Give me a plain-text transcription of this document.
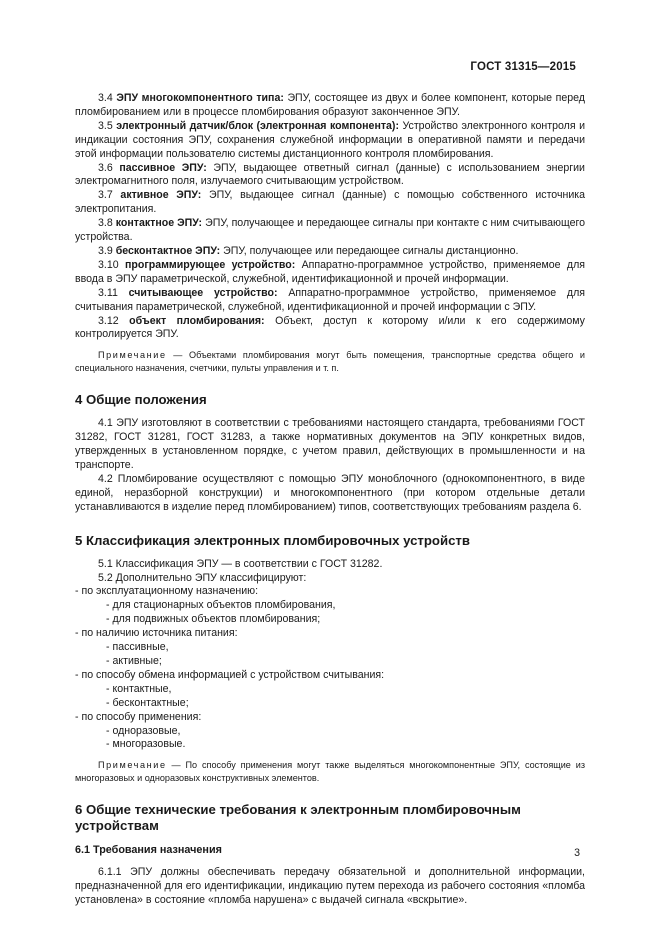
ГОСТ 31315—2015

3.4 ЭПУ многокомпонентного типа: ЭПУ, состоящее из двух и более компонент, которые перед пломбированием или в процессе пломбирования образуют законченное ЭПУ.

3.5 электронный датчик/блок (электронная компонента): Устройство электронного контроля и индикации состояния ЭПУ, сохранения служебной информации в оперативной памяти и передачи этой информации пользователю системы дистанционного контроля пломбирования.

3.6 пассивное ЭПУ: ЭПУ, выдающее ответный сигнал (данные) с использованием энергии электромагнитного поля, излучаемого считывающим устройством.

3.7 активное ЭПУ: ЭПУ, выдающее сигнал (данные) с помощью собственного источника электропитания.

3.8 контактное ЭПУ: ЭПУ, получающее и передающее сигналы при контакте с ним считывающего устройства.

3.9 бесконтактное ЭПУ: ЭПУ, получающее или передающее сигналы дистанционно.

3.10 программирующее устройство: Аппаратно-программное устройство, применяемое для ввода в ЭПУ параметрической, служебной, идентификационной и прочей информации.

3.11 считывающее устройство: Аппаратно-программное устройство, применяемое для считывания параметрической, служебной, идентификационной и прочей информации с ЭПУ.

3.12 объект пломбирования: Объект, доступ к которому и/или к его содержимому контролируется ЭПУ.

Примечание — Объектами пломбирования могут быть помещения, транспортные средства общего и специального назначения, счетчики, пульты управления и т. п.

4 Общие положения

4.1 ЭПУ изготовляют в соответствии с требованиями настоящего стандарта, требованиями ГОСТ 31282, ГОСТ 31281, ГОСТ 31283, а также нормативных документов на ЭПУ конкретных видов, утвержденных в установленном порядке, с учетом правил, действующих в промышленности и на транспорте.

4.2 Пломбирование осуществляют с помощью ЭПУ моноблочного (однокомпонентного, в виде единой, неразборной конструкции) и многокомпонентного (при котором отдельные детали устанавливаются в изделие перед пломбированием) типов, соответствующих требованиям раздела 6.

5 Классификация электронных пломбировочных устройств

5.1 Классификация ЭПУ — в соответствии с ГОСТ 31282.

5.2 Дополнительно ЭПУ классифицируют:

- по эксплуатационному назначению:

- для стационарных объектов пломбирования,

- для подвижных объектов пломбирования;

- по наличию источника питания:

- пассивные,

- активные;

- по способу обмена информацией с устройством считывания:

- контактные,

- бесконтактные;

- по способу применения:

- одноразовые,

- многоразовые.

Примечание — По способу применения могут также выделяться многокомпонентные ЭПУ, состоящие из многоразовых и одноразовых конструктивных элементов.

6 Общие технические требования к электронным пломбировочным устройствам
6.1 Требования назначения

6.1.1 ЭПУ должны обеспечивать передачу обязательной и дополнительной информации, предназначенной для его идентификации, индикацию путем перехода из рабочего состояния «пломба установлена» в состояние «пломба нарушена» с выдачей сигнала «вскрытие».

3
